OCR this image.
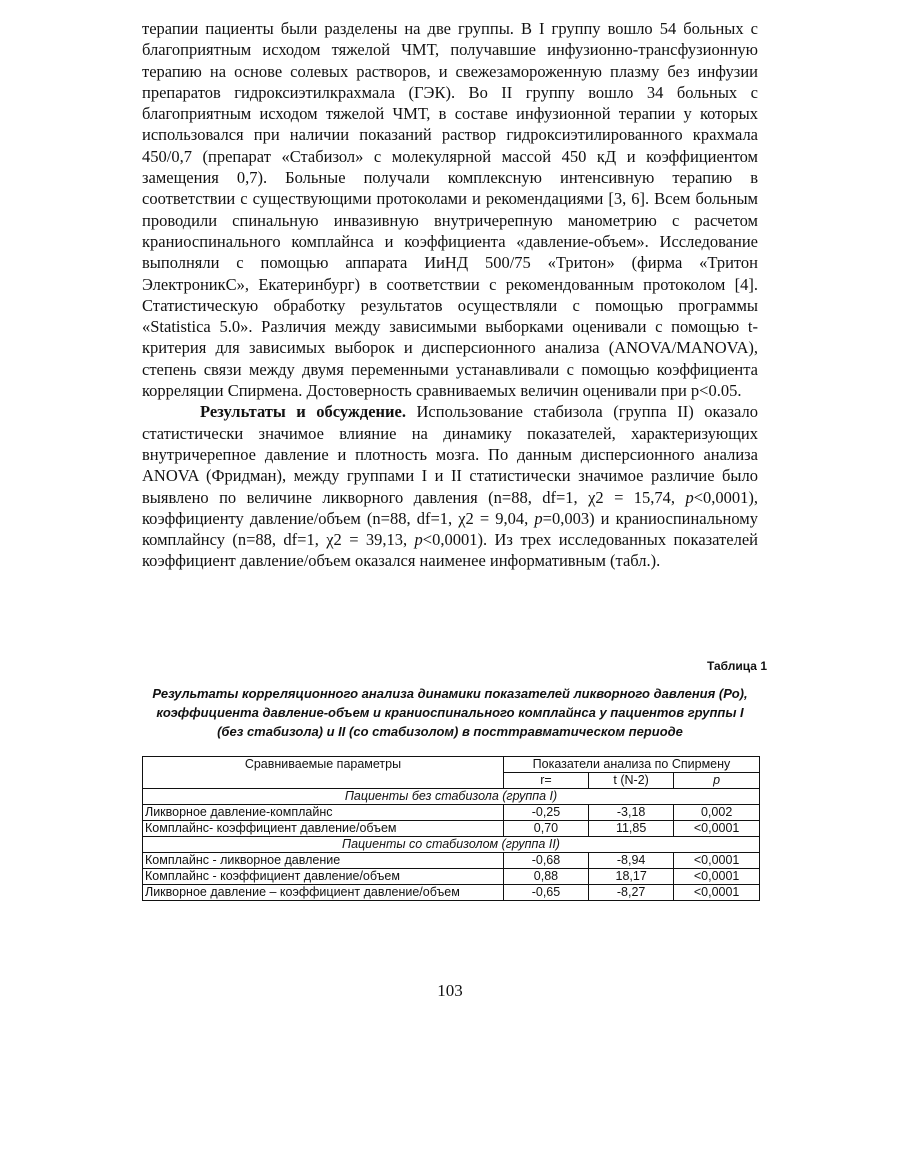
терапии пациенты были разделены на две группы. В I группу вошло 54 больных с благоприятным исходом тяжелой ЧМТ, получавшие инфузионно-трансфузионную терапию на основе солевых растворов, и свежезамороженную плазму без инфузии препаратов гидроксиэтилкрахмала (ГЭК). Во II группу вошло 34 больных с благоприятным исходом тяжелой ЧМТ, в составе инфузионной терапии у которых использовался при наличии показаний раствор гидроксиэтилированного крахмала 450/0,7 (препарат «Стабизол» с молекулярной массой 450 кД и коэффициентом замещения 0,7). Больные получали комплексную интенсивную терапию в соответствии с существующими протоколами и рекомендациями [3, 6]. Всем больным проводили спинальную инвазивную внутричерепную манометрию с расчетом краниоспинального комплайнса и коэффициента «давление-объем». Исследование выполняли с помощью аппарата ИиНД 500/75 «Тритон» (фирма «Тритон ЭлектроникС», Екатеринбург) в соответствии с рекомендованным протоколом [4]. Статистическую обработку результатов осуществляли с помощью программы «Statistica 5.0». Различия между зависимыми выборками оценивали с помощью t-критерия для зависимых выборок и дисперсионного анализа (ANOVA/MANOVA), степень связи между двумя переменными устанавливали с помощью коэффициента корреляции Спирмена. Достоверность сравниваемых величин оценивали при p<0.05.

Результаты и обсуждение. Использование стабизола (группа II) оказало статистически значимое влияние на динамику показателей, характеризующих внутричерепное давление и плотность мозга. По данным дисперсионного анализа ANOVA (Фридман), между группами I и II статистически значимое различие было выявлено по величине ликворного давления (n=88, df=1, χ2 = 15,74, p<0,0001), коэффициенту давление/объем (n=88, df=1, χ2 = 9,04, p=0,003) и краниоспинальному комплайнсу (n=88, df=1, χ2 = 39,13, p<0,0001). Из трех исследованных показателей коэффициент давление/объем оказался наименее информативным (табл.).

Таблица 1
Результаты корреляционного анализа динамики показателей ликворного давления (Ро), коэффициента давление-объем и краниоспинального комплайнса у пациентов группы I (без стабизола) и II (со стабизолом) в посттравматическом периоде
Сравниваемые параметры	Показатели анализа по Спирмену		
	r=	t (N-2)	p
Пациенты без стабизола (группа I)			
Ликворное давление-комплайнс	-0,25	-3,18	0,002
Комплайнс- коэффициент давление/объем	0,70	11,85	<0,0001
Пациенты со стабизолом (группа II)			
Комплайнс - ликворное давление	-0,68	-8,94	<0,0001
Комплайнс - коэффициент давление/объем	0,88	18,17	<0,0001
Ликворное давление – коэффициент давление/объем	-0,65	-8,27	<0,0001
103
